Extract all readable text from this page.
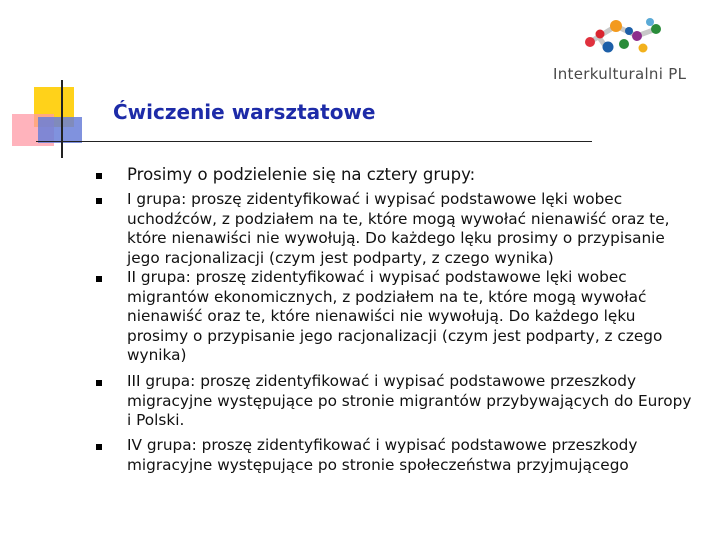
Ćwiczenie warsztatowe
Interkulturalni PL
Prosimy o podzielenie się na cztery grupy:
I grupa: proszę zidentyfikować i wypisać podstawowe lęki wobec uchodźców, z podziałem na te, które mogą wywołać nienawiść oraz te, które nienawiści nie wywołują. Do każdego lęku prosimy o przypisanie jego racjonalizacji (czym jest podparty, z czego wynika)
II grupa: proszę zidentyfikować i wypisać podstawowe lęki wobec migrantów ekonomicznych, z podziałem na te, które mogą wywołać nienawiść oraz te, które nienawiści nie wywołują. Do każdego lęku prosimy o przypisanie jego racjonalizacji (czym jest podparty, z czego wynika)
III grupa: proszę zidentyfikować i wypisać podstawowe przeszkody migracyjne występujące po stronie migrantów przybywających do Europy i Polski.
IV grupa: proszę zidentyfikować i wypisać podstawowe przeszkody migracyjne występujące po stronie społeczeństwa przyjmującego
